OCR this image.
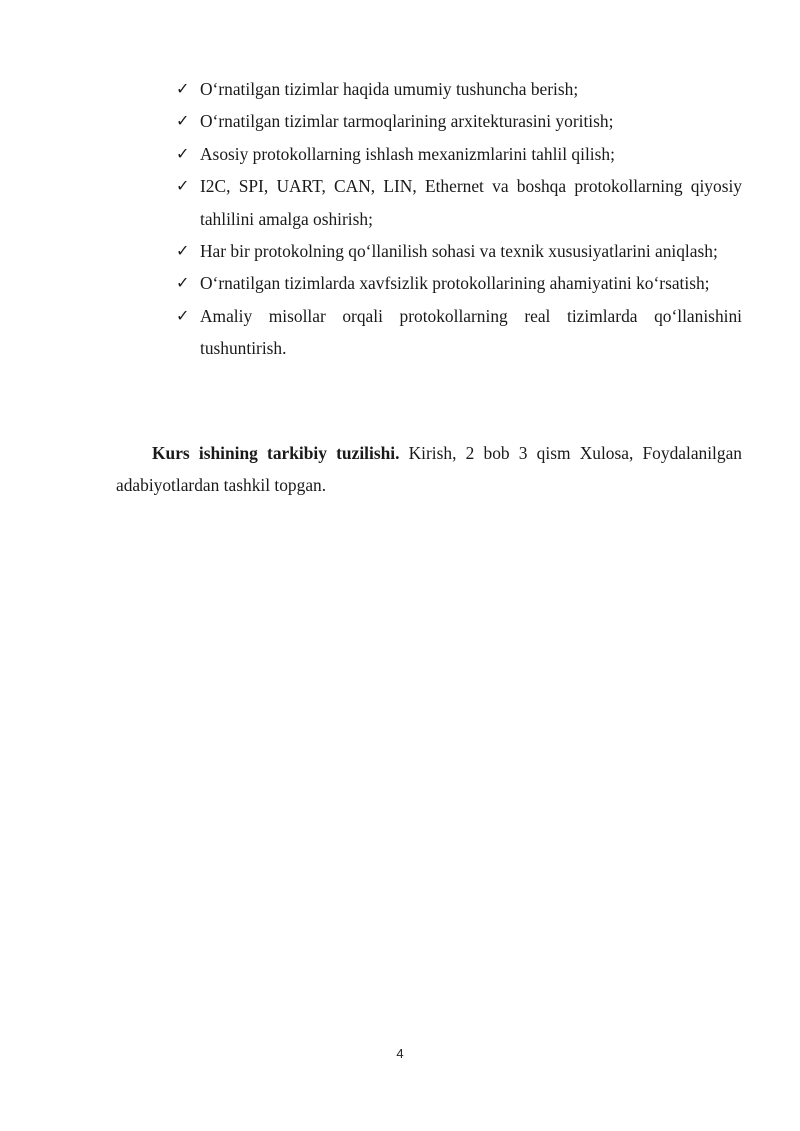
✓ O‘rnatilgan tizimlar haqida umumiy tushuncha berish;
✓ O‘rnatilgan tizimlar tarmoqlarining arxitekturasini yoritish;
✓ Asosiy protokollarning ishlash mexanizmlarini tahlil qilish;
✓ I2C, SPI, UART, CAN, LIN, Ethernet va boshqa protokollarning qiyosiy tahlilini amalga oshirish;
✓ Har bir protokolning qo‘llanilish sohasi va texnik xususiyatlarini aniqlash;
✓ O‘rnatilgan tizimlarda xavfsizlik protokollarining ahamiyatini ko‘rsatish;
✓ Amaliy misollar orqali protokollarning real tizimlarda qo‘llanishini tushuntirish.

Kurs ishining tarkibiy tuzilishi. Kirish, 2 bob 3 qism Xulosa, Foydalanilgan adabiyotlardan tashkil topgan.

4
